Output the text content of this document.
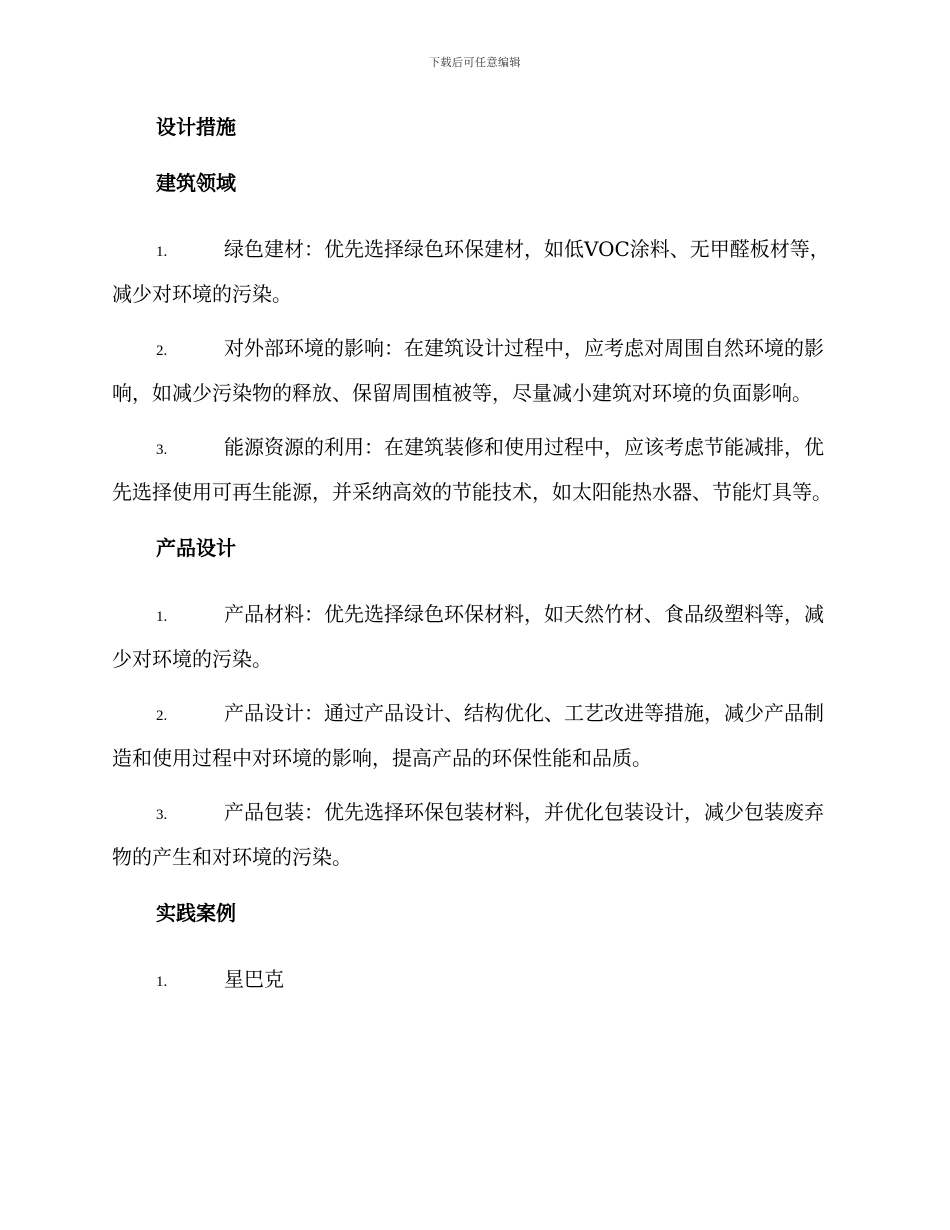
下载后可任意编辑
设计措施
建筑领域
1.	绿色建材：优先选择绿色环保建材，如低VOC涂料、无甲醛板材等，减少对环境的污染。
2.	对外部环境的影响：在建筑设计过程中，应考虑对周围自然环境的影响，如减少污染物的释放、保留周围植被等，尽量减小建筑对环境的负面影响。
3.	能源资源的利用：在建筑装修和使用过程中，应该考虑节能减排，优先选择使用可再生能源，并采纳高效的节能技术，如太阳能热水器、节能灯具等。
产品设计
1.	产品材料：优先选择绿色环保材料，如天然竹材、食品级塑料等，减少对环境的污染。
2.	产品设计：通过产品设计、结构优化、工艺改进等措施，减少产品制造和使用过程中对环境的影响，提高产品的环保性能和品质。
3.	产品包装：优先选择环保包装材料，并优化包装设计，减少包装废弃物的产生和对环境的污染。
实践案例
1.	星巴克
